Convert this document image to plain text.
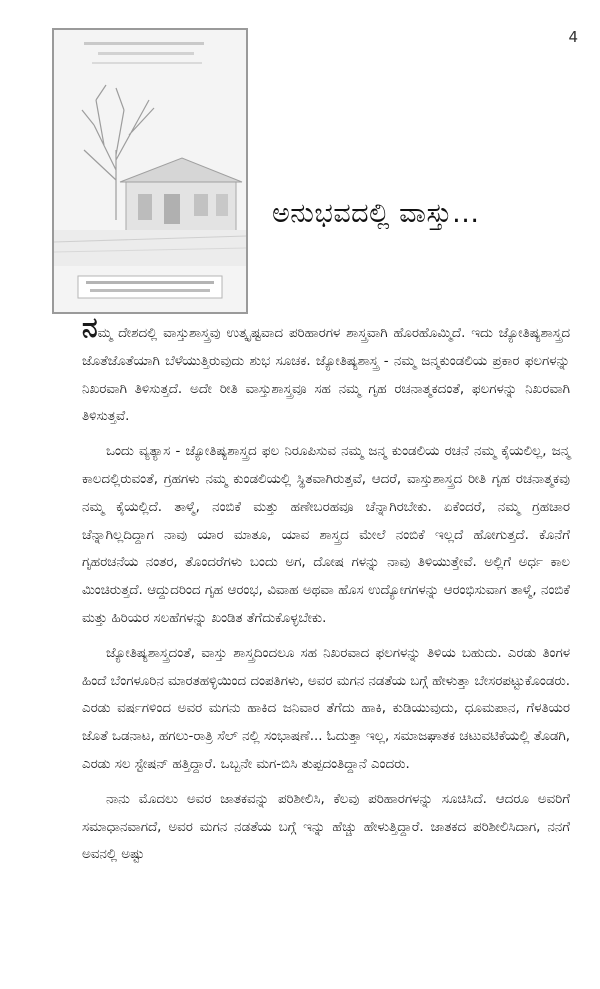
4
ಅನುಭವದಲ್ಲಿ ವಾಸ್ತು...

ನಮ್ಮ ದೇಶದಲ್ಲಿ ವಾಸ್ತುಶಾಸ್ತ್ರವು ಉತ್ಕೃಷ್ಟವಾದ ಪರಿಹಾರಗಳ ಶಾಸ್ತ್ರವಾಗಿ ಹೊರಹೊಮ್ಮಿದೆ. ಇದು ಜ್ಯೋತಿಷ್ಯಶಾಸ್ತ್ರದ ಜೊತೆಜೊತೆಯಾಗಿ ಬೆಳೆಯುತ್ತಿರುವುದು ಶುಭ ಸೂಚಕ. ಜ್ಯೋತಿಷ್ಯಶಾಸ್ತ್ರ - ನಮ್ಮ ಜನ್ಮಕುಂಡಲಿಯ ಪ್ರಕಾರ ಫಲಗಳನ್ನು ನಿಖರವಾಗಿ ತಿಳಿಸುತ್ತದೆ. ಅದೇ ರೀತಿ ವಾಸ್ತುಶಾಸ್ತ್ರವೂ ಸಹ ನಮ್ಮ ಗೃಹ ರಚನಾತ್ಮಕದಂತೆ, ಫಲಗಳನ್ನು ನಿಖರವಾಗಿ ತಿಳಿಸುತ್ತವೆ.

ಒಂದು ವ್ಯತ್ಯಾಸ - ಜ್ಯೋತಿಷ್ಯಶಾಸ್ತ್ರದ ಫಲ ನಿರೂಪಿಸುವ ನಮ್ಮ ಜನ್ಮ ಕುಂಡಲಿಯ ರಚನೆ ನಮ್ಮ ಕೈಯಲಿಲ್ಲ, ಜನ್ಮ ಕಾಲದಲ್ಲಿರುವಂತೆ, ಗ್ರಹಗಳು ನಮ್ಮ ಕುಂಡಲಿಯಲ್ಲಿ ಸ್ಥಿತವಾಗಿರುತ್ತವೆ, ಆದರೆ, ವಾಸ್ತುಶಾಸ್ತ್ರದ ರೀತಿ ಗೃಹ ರಚನಾತ್ಮಕವು ನಮ್ಮ ಕೈಯಲ್ಲಿದೆ. ತಾಳ್ಮೆ, ನಂಬಿಕೆ ಮತ್ತು ಹಣೇಬರಹವೂ ಚೆನ್ನಾಗಿರಬೇಕು. ಏಕೆಂದರೆ, ನಮ್ಮ ಗ್ರಹಚಾರ ಚೆನ್ನಾಗಿಲ್ಲದಿದ್ದಾಗ ನಾವು ಯಾರ ಮಾತೂ, ಯಾವ ಶಾಸ್ತ್ರದ ಮೇಲೆ ನಂಬಿಕೆ ಇಲ್ಲದೆ ಹೋಗುತ್ತದೆ. ಕೊನೆಗೆ ಗೃಹರಚನೆಯ ನಂತರ, ತೊಂದರೆಗಳು ಬಂದು ಅಗ, ದೋಷ ಗಳನ್ನು ನಾವು ತಿಳಿಯುತ್ತೇವೆ. ಅಲ್ಲಿಗೆ ಅರ್ಧ ಕಾಲ ಮಿಂಚಿರುತ್ತದೆ. ಆದ್ದುದರಿಂದ ಗೃಹ ಆರಂಭ, ವಿವಾಹ ಅಥವಾ ಹೊಸ ಉದ್ಯೋಗಗಳನ್ನು ಆರಂಭಿಸುವಾಗ ತಾಳ್ಮೆ, ನಂಬಿಕೆ ಮತ್ತು ಹಿರಿಯರ ಸಲಹೆಗಳನ್ನು ಖಂಡಿತ ತೆಗೆದುಕೊಳ್ಳಬೇಕು.

ಜ್ಯೋತಿಷ್ಯಶಾಸ್ತ್ರದಂತೆ, ವಾಸ್ತು ಶಾಸ್ತ್ರದಿಂದಲೂ ಸಹ ನಿಖರವಾದ ಫಲಗಳನ್ನು ತಿಳಿಯ ಬಹುದು. ಎರಡು ತಿಂಗಳ ಹಿಂದೆ ಬೆಂಗಳೂರಿನ ಮಾರತಹಳ್ಳಿಯಿಂದ ದಂಪತಿಗಳು, ಅವರ ಮಗನ ನಡತೆಯ ಬಗ್ಗೆ ಹೇಳುತ್ತಾ ಬೇಸರಪಟ್ಟುಕೊಂಡರು. ಎರಡು ವರ್ಷಗಳಿಂದ ಅವರ ಮಗನು ಹಾಕಿದ ಜನಿವಾರ ತೆಗೆದು ಹಾಕಿ, ಕುಡಿಯುವುದು, ಧೂಮಪಾನ, ಗೆಳತಿಯರ ಜೊತೆ ಒಡನಾಟ, ಹಗಲು-ರಾತ್ರಿ ಸೆಲ್ ನಲ್ಲಿ ಸಂಭಾಷಣೆ... ಓದುತ್ತಾ ಇಲ್ಲ, ಸಮಾಜಘಾತಕ ಚಟುವಟಿಕೆಯಲ್ಲಿ ತೊಡಗಿ, ಎರಡು ಸಲ ಸ್ಟೇಷನ್ ಹತ್ತಿದ್ದಾರೆ. ಒಬ್ಬನೇ ಮಗ-ಬಿಸಿ ತುಪ್ಪದಂತಿದ್ದಾನೆ ಎಂದರು.

ನಾನು ಮೊದಲು ಅವರ ಜಾತಕವನ್ನು ಪರಿಶೀಲಿಸಿ, ಕೆಲವು ಪರಿಹಾರಗಳನ್ನು ಸೂಚಿಸಿದೆ. ಆದರೂ ಅವರಿಗೆ ಸಮಾಧಾನವಾಗದೆ, ಅವರ ಮಗನ ನಡತೆಯ ಬಗ್ಗೆ ಇನ್ನು ಹೆಚ್ಚು ಹೇಳುತ್ತಿದ್ದಾರೆ. ಜಾತಕದ ಪರಿಶೀಲಿಸಿದಾಗ, ನನಗೆ ಅವನಲ್ಲಿ ಅಷ್ಟು
